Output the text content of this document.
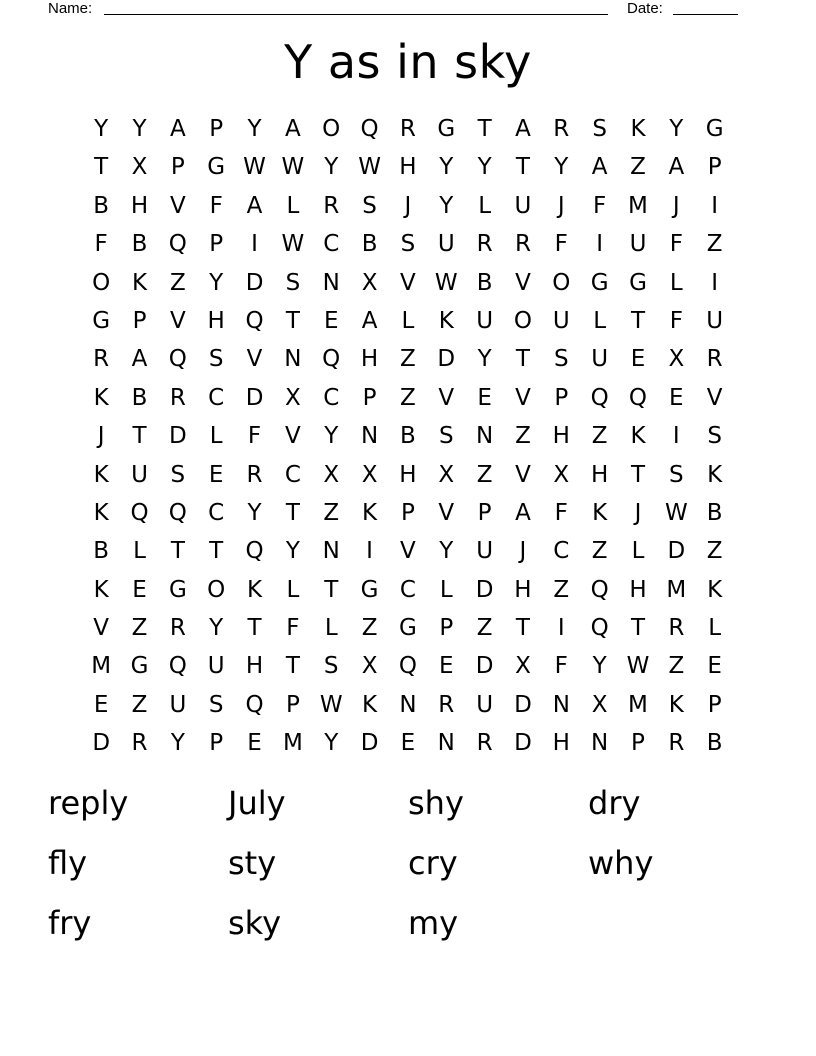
Name:	Date:
Y as in sky
Y	Y	A	P	Y	A O Q R G T	A R	S	K	Y G
T	X	P G W W Y W H Y	Y	T	Y	A Z A	P
B H V	F	A	L	R	S	J	Y	L	U	J	F M	J	I
F	B Q P	I	W C B	S U R R	F	I	U	F	Z
O K Z	Y D S N X V W B V O G G	L	I
G P	V H Q T	E	A	L	K U O U	L	T	F	U
R A Q S	V N Q H Z D Y	T	S U E	X R
K B R C D X C	P	Z V	E	V	P Q Q E	V
J	T D	L	F	V	Y N B	S N Z H Z K	I	S
K U S	E	R C X X H X Z V X H T	S	K
K Q Q C	Y	T	Z K	P	V	P	A	F	K	J	W B
B	L	T	T Q Y N	I	V	Y U	J	C Z	L	D Z
K	E G O K	L	T G C	L	D H Z Q H M K
V Z R	Y	T	F	L	Z G P	Z	T	I	Q T	R	L
M G Q U H T	S	X Q E D X	F	Y W Z	E
E	Z U S Q P W K N R U D N X M K	P
D R	Y	P	E M Y D E N R D H N P	R B
reply	July	shy	dry
fly	sty	cry	why
fry	sky	my
